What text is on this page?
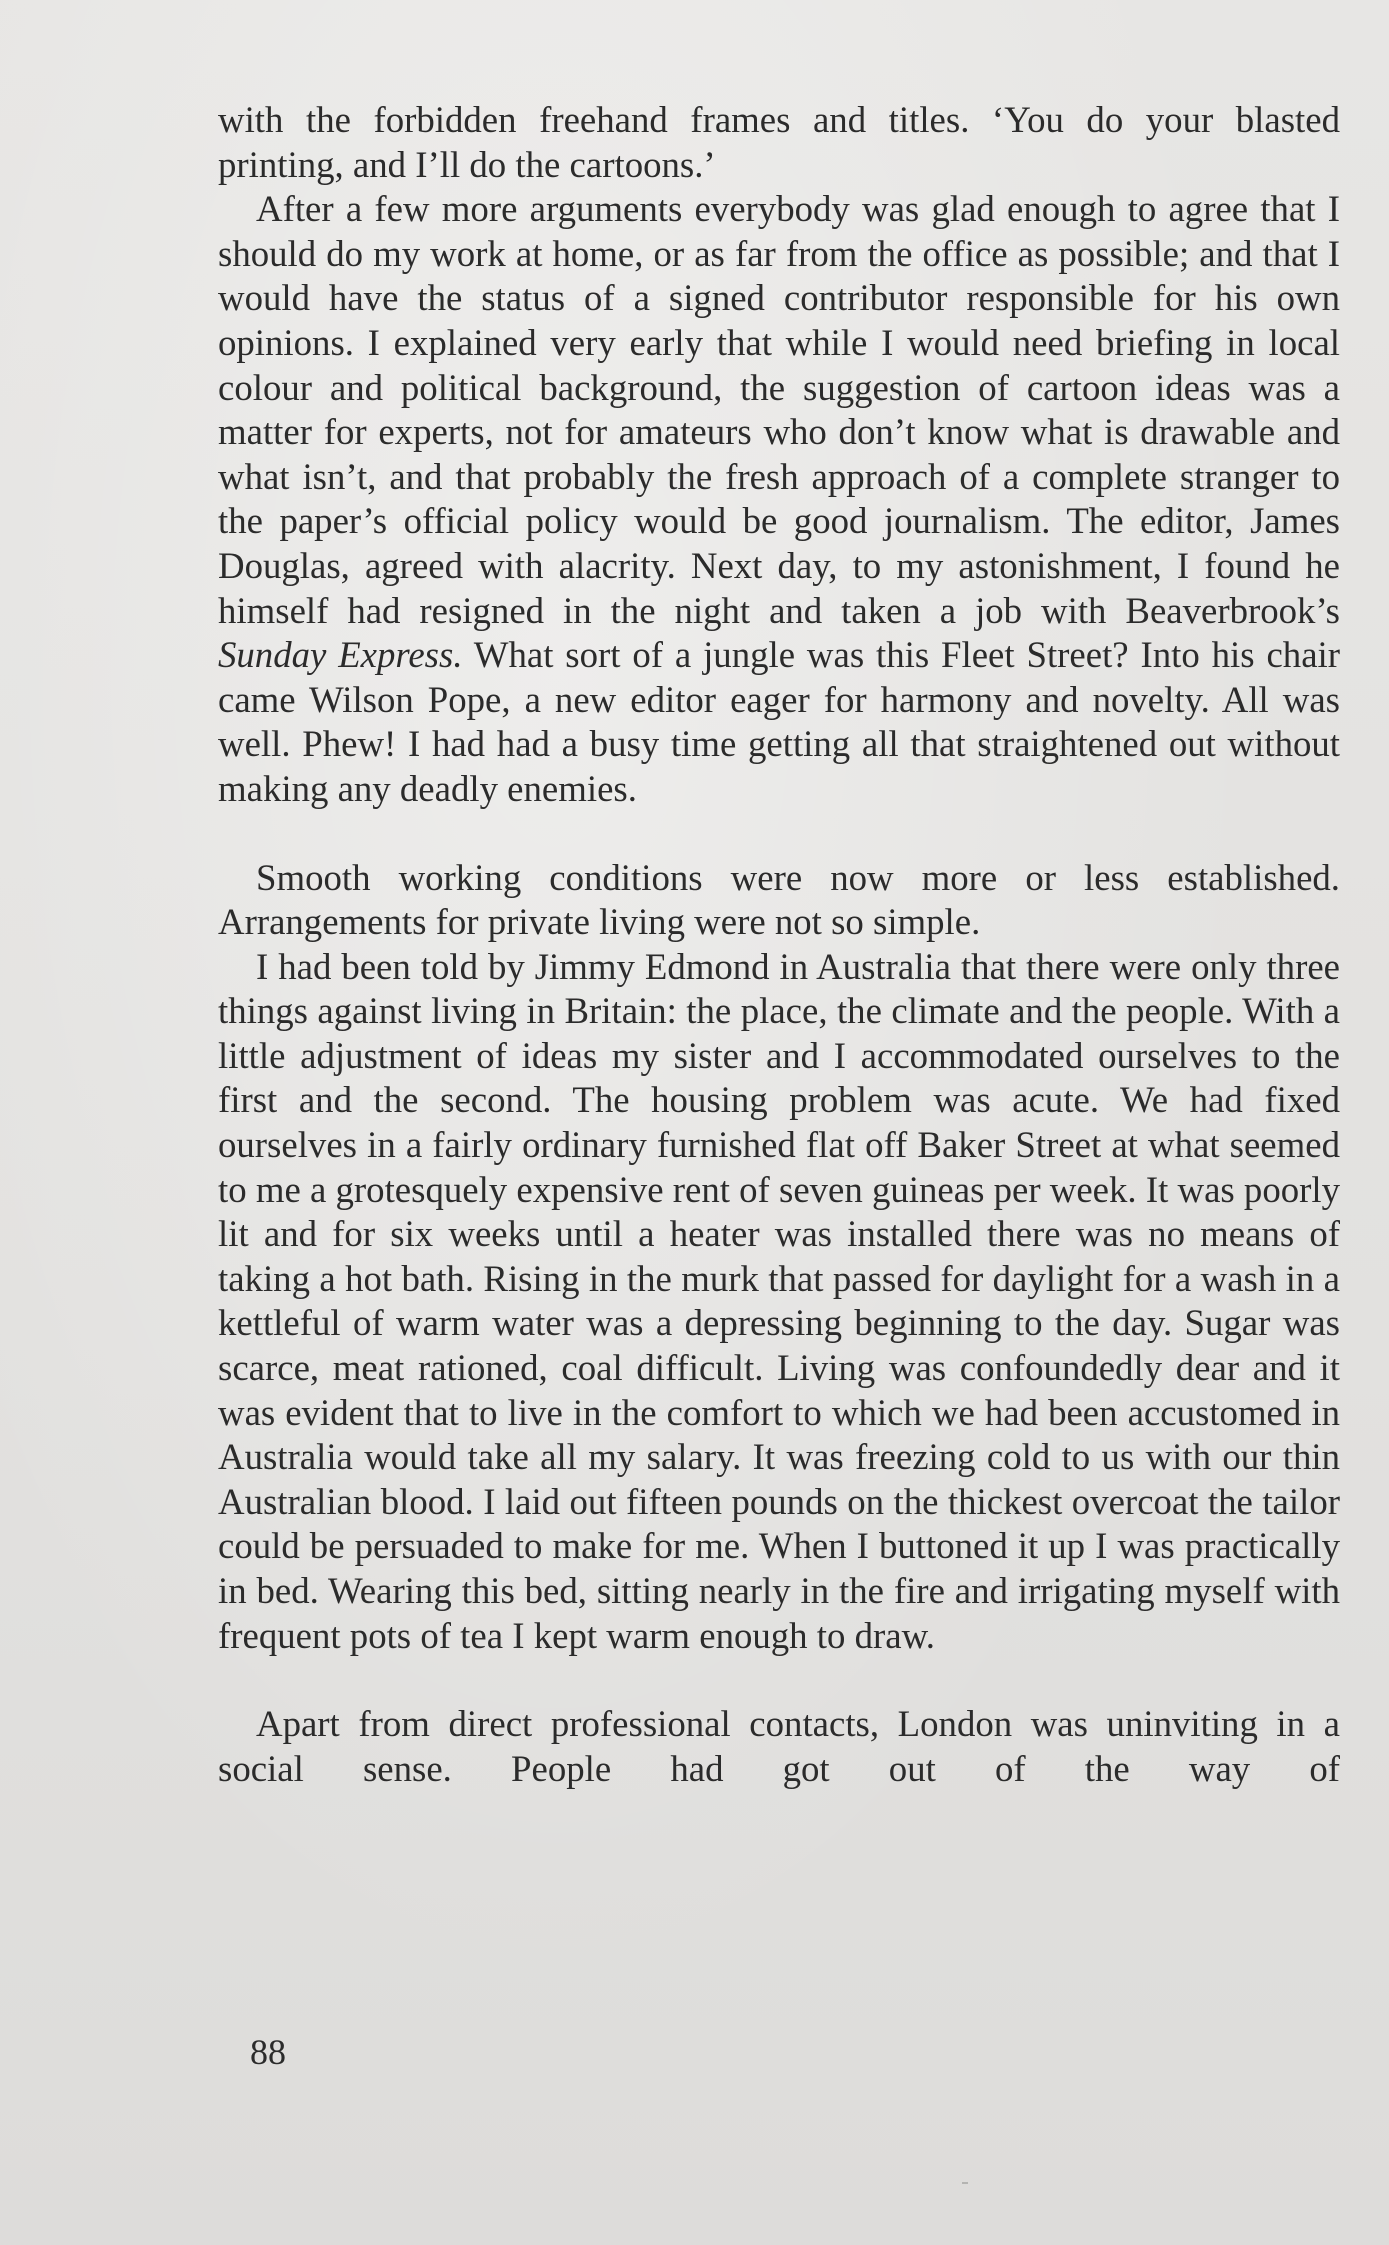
with the forbidden freehand frames and titles. ‘You do your blasted printing, and I’ll do the cartoons.’

After a few more arguments everybody was glad enough to agree that I should do my work at home, or as far from the office as possible; and that I would have the status of a signed contributor responsible for his own opinions. I explained very early that while I would need briefing in local colour and political background, the suggestion of cartoon ideas was a matter for experts, not for amateurs who don’t know what is drawable and what isn’t, and that probably the fresh approach of a complete stranger to the paper’s official policy would be good journalism. The editor, James Douglas, agreed with alacrity. Next day, to my astonishment, I found he himself had resigned in the night and taken a job with Beaverbrook’s Sunday Express. What sort of a jungle was this Fleet Street? Into his chair came Wilson Pope, a new editor eager for harmony and novelty. All was well. Phew! I had had a busy time getting all that straightened out without making any deadly enemies.

Smooth working conditions were now more or less established. Arrangements for private living were not so simple.

I had been told by Jimmy Edmond in Australia that there were only three things against living in Britain: the place, the climate and the people. With a little adjustment of ideas my sister and I accommodated ourselves to the first and the second. The housing problem was acute. We had fixed ourselves in a fairly ordinary furnished flat off Baker Street at what seemed to me a grotesquely expensive rent of seven guineas per week. It was poorly lit and for six weeks until a heater was installed there was no means of taking a hot bath. Rising in the murk that passed for daylight for a wash in a kettleful of warm water was a depressing beginning to the day. Sugar was scarce, meat rationed, coal difficult. Living was confoundedly dear and it was evident that to live in the comfort to which we had been accustomed in Australia would take all my salary. It was freezing cold to us with our thin Australian blood. I laid out fifteen pounds on the thickest overcoat the tailor could be persuaded to make for me. When I buttoned it up I was practically in bed. Wearing this bed, sitting nearly in the fire and irrigating myself with frequent pots of tea I kept warm enough to draw.

Apart from direct professional contacts, London was uninviting in a social sense. People had got out of the way of

88
